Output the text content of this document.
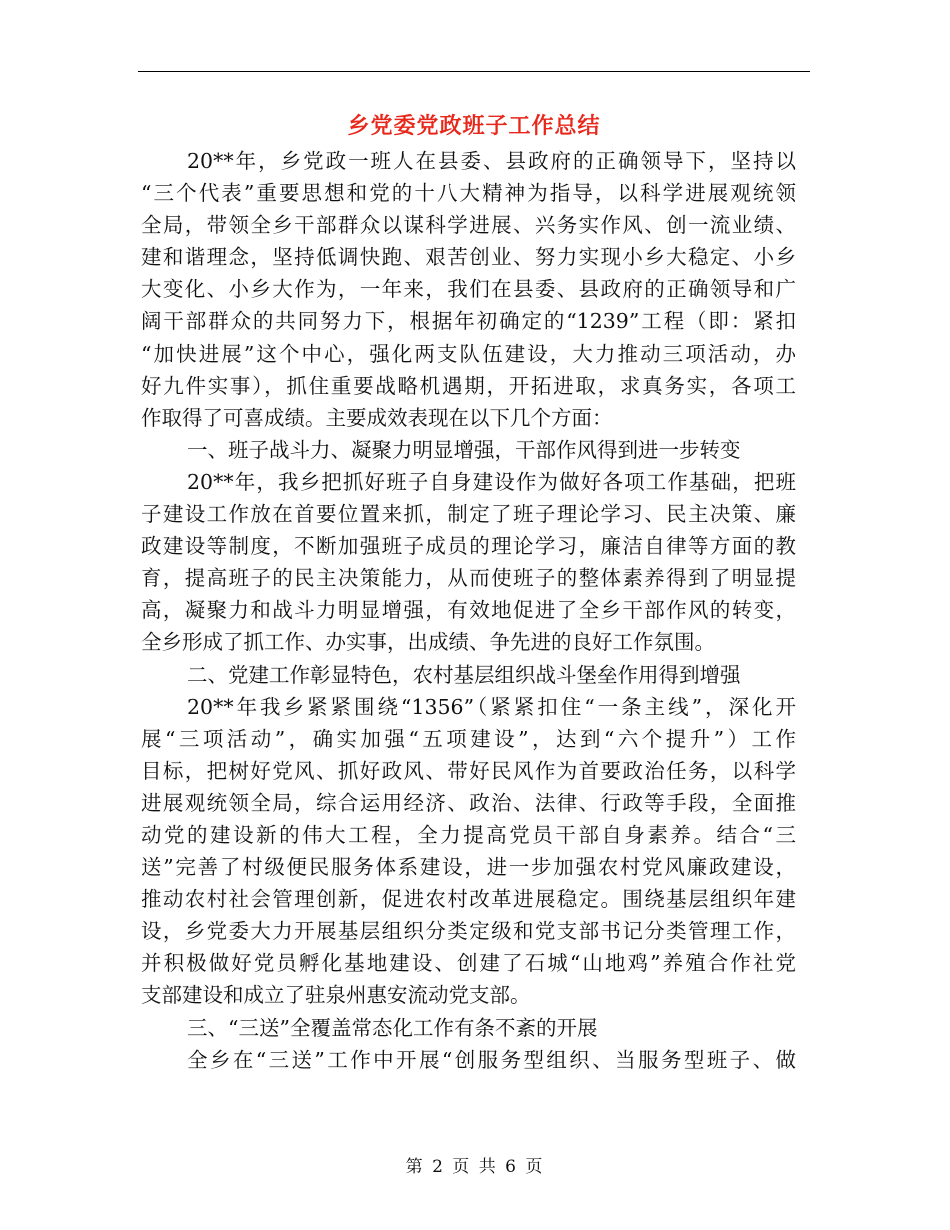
乡党委党政班子工作总结
20**年，乡党政一班人在县委、县政府的正确领导下，坚持以
“三个代表”重要思想和党的十八大精神为指导，以科学进展观统领
全局，带领全乡干部群众以谋科学进展、兴务实作风、创一流业绩、
建和谐理念，坚持低调快跑、艰苦创业、努力实现小乡大稳定、小乡
大变化、小乡大作为，一年来，我们在县委、县政府的正确领导和广
阔干部群众的共同努力下，根据年初确定的“1239”工程（即：紧扣
“加快进展”这个中心，强化两支队伍建设，大力推动三项活动，办
好九件实事），抓住重要战略机遇期，开拓进取，求真务实，各项工
作取得了可喜成绩。主要成效表现在以下几个方面：
一、班子战斗力、凝聚力明显增强，干部作风得到进一步转变
20**年，我乡把抓好班子自身建设作为做好各项工作基础，把班
子建设工作放在首要位置来抓，制定了班子理论学习、民主决策、廉
政建设等制度，不断加强班子成员的理论学习，廉洁自律等方面的教
育，提高班子的民主决策能力，从而使班子的整体素养得到了明显提
高，凝聚力和战斗力明显增强，有效地促进了全乡干部作风的转变，
全乡形成了抓工作、办实事，出成绩、争先进的良好工作氛围。
二、党建工作彰显特色，农村基层组织战斗堡垒作用得到增强
20**年我乡紧紧围绕“1356”（紧紧扣住“一条主线”，深化开
展“三项活动”，确实加强“五项建设”，达到“六个提升”）工作
目标，把树好党风、抓好政风、带好民风作为首要政治任务，以科学
进展观统领全局，综合运用经济、政治、法律、行政等手段，全面推
动党的建设新的伟大工程，全力提高党员干部自身素养。结合“三
送”完善了村级便民服务体系建设，进一步加强农村党风廉政建设，
推动农村社会管理创新，促进农村改革进展稳定。围绕基层组织年建
设，乡党委大力开展基层组织分类定级和党支部书记分类管理工作，
并积极做好党员孵化基地建设、创建了石城“山地鸡”养殖合作社党
支部建设和成立了驻泉州惠安流动党支部。
三、“三送”全覆盖常态化工作有条不紊的开展
全乡在“三送”工作中开展“创服务型组织、当服务型班子、做
第 2 页 共 6 页
